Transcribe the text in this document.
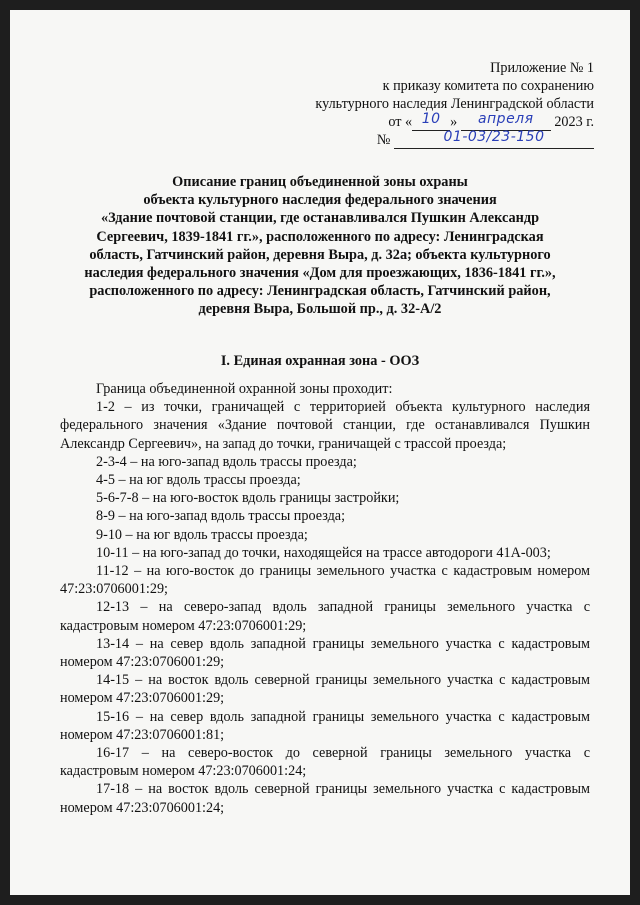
Приложение № 1
к приказу комитета по сохранению
культурного наследия Ленинградской области
от « 10 » апреля 2023 г.
№	01-03/23-150
Описание границ объединенной зоны охраны
объекта культурного наследия федерального значения
«Здание почтовой станции, где останавливался Пушкин Александр
Сергеевич, 1839-1841 гг.», расположенного по адресу: Ленинградская
область, Гатчинский район, деревня Выра, д. 32а; объекта культурного
наследия федерального значения «Дом для проезжающих, 1836-1841 гг.»,
расположенного по адресу: Ленинградская область, Гатчинский район,
деревня Выра, Большой пр., д. 32-А/2
I. Единая охранная зона - ООЗ

Граница объединенной охранной зоны проходит:

1-2 – из точки, граничащей с территорией объекта культурного наследия федерального значения «Здание почтовой станции, где останавливался Пушкин Александр Сергеевич», на запад до точки, граничащей с трассой проезда;

2-3-4 – на юго-запад вдоль трассы проезда;

4-5 – на юг вдоль трассы проезда;

5-6-7-8 – на юго-восток вдоль границы застройки;

8-9 – на юго-запад вдоль трассы проезда;

9-10 – на юг вдоль трассы проезда;

10-11 – на юго-запад до точки, находящейся на трассе автодороги 41А-003;

11-12 – на юго-восток до границы земельного участка с кадастровым номером 47:23:0706001:29;

12-13 – на северо-запад вдоль западной границы земельного участка с кадастровым номером 47:23:0706001:29;

13-14 – на север вдоль западной границы земельного участка с кадастровым номером 47:23:0706001:29;

14-15 – на восток вдоль северной границы земельного участка с кадастровым номером 47:23:0706001:29;

15-16 – на север вдоль западной границы земельного участка с кадастровым номером 47:23:0706001:81;

16-17 – на северо-восток до северной границы земельного участка с кадастровым номером 47:23:0706001:24;

17-18 – на восток вдоль северной границы земельного участка с кадастровым номером 47:23:0706001:24;
